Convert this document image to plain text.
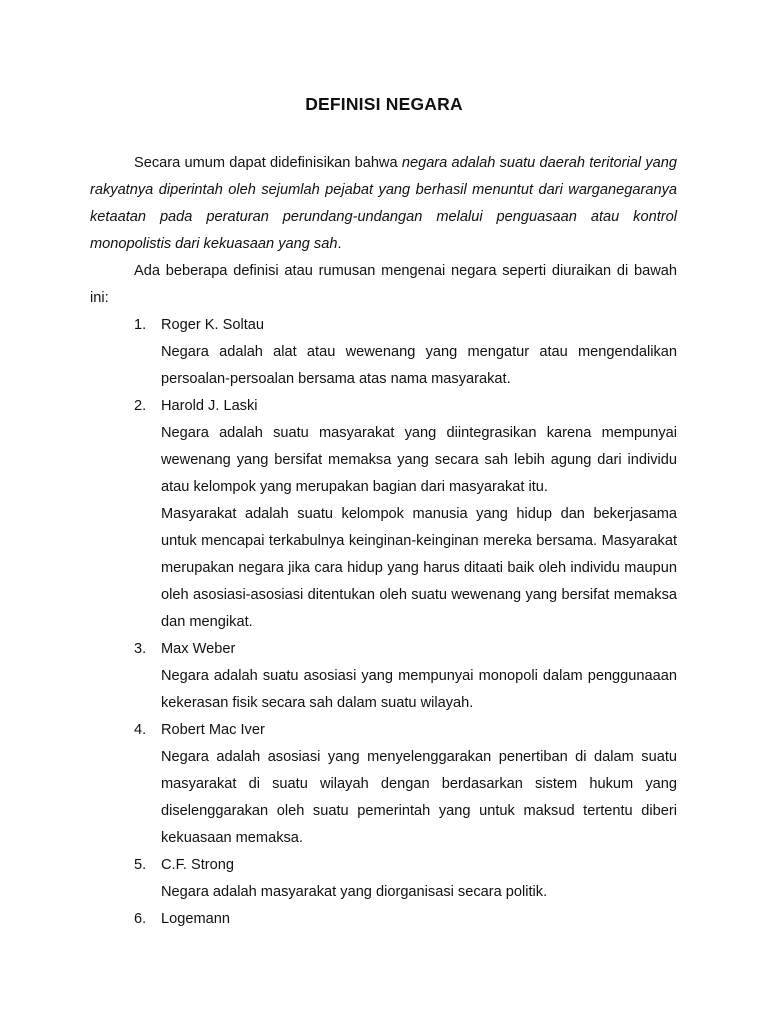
DEFINISI NEGARA

Secara umum dapat didefinisikan bahwa negara adalah suatu daerah teritorial yang rakyatnya diperintah oleh sejumlah pejabat yang berhasil menuntut dari warganegaranya ketaatan pada peraturan perundang-undangan melalui penguasaan atau kontrol monopolistis dari kekuasaan yang sah.

Ada beberapa definisi atau rumusan mengenai negara seperti diuraikan di bawah ini:

1. Roger K. Soltau
Negara adalah alat atau wewenang yang mengatur atau mengendalikan persoalan-persoalan bersama atas nama masyarakat.
2. Harold J. Laski
Negara adalah suatu masyarakat yang diintegrasikan karena mempunyai wewenang yang bersifat memaksa yang secara sah lebih agung dari individu atau kelompok yang merupakan bagian dari masyarakat itu.
Masyarakat adalah suatu kelompok manusia yang hidup dan bekerjasama untuk mencapai terkabulnya keinginan-keinginan mereka bersama. Masyarakat merupakan negara jika cara hidup yang harus ditaati baik oleh individu maupun oleh asosiasi-asosiasi ditentukan oleh suatu wewenang yang bersifat memaksa dan mengikat.
3. Max Weber
Negara adalah suatu asosiasi yang mempunyai monopoli dalam penggunaaan kekerasan fisik secara sah dalam suatu wilayah.
4. Robert Mac Iver
Negara adalah asosiasi yang menyelenggarakan penertiban di dalam suatu masyarakat di suatu wilayah dengan berdasarkan sistem hukum yang diselenggarakan oleh suatu pemerintah yang untuk maksud tertentu diberi kekuasaan memaksa.
5. C.F. Strong
Negara adalah masyarakat yang diorganisasi secara politik.
6. Logemann
